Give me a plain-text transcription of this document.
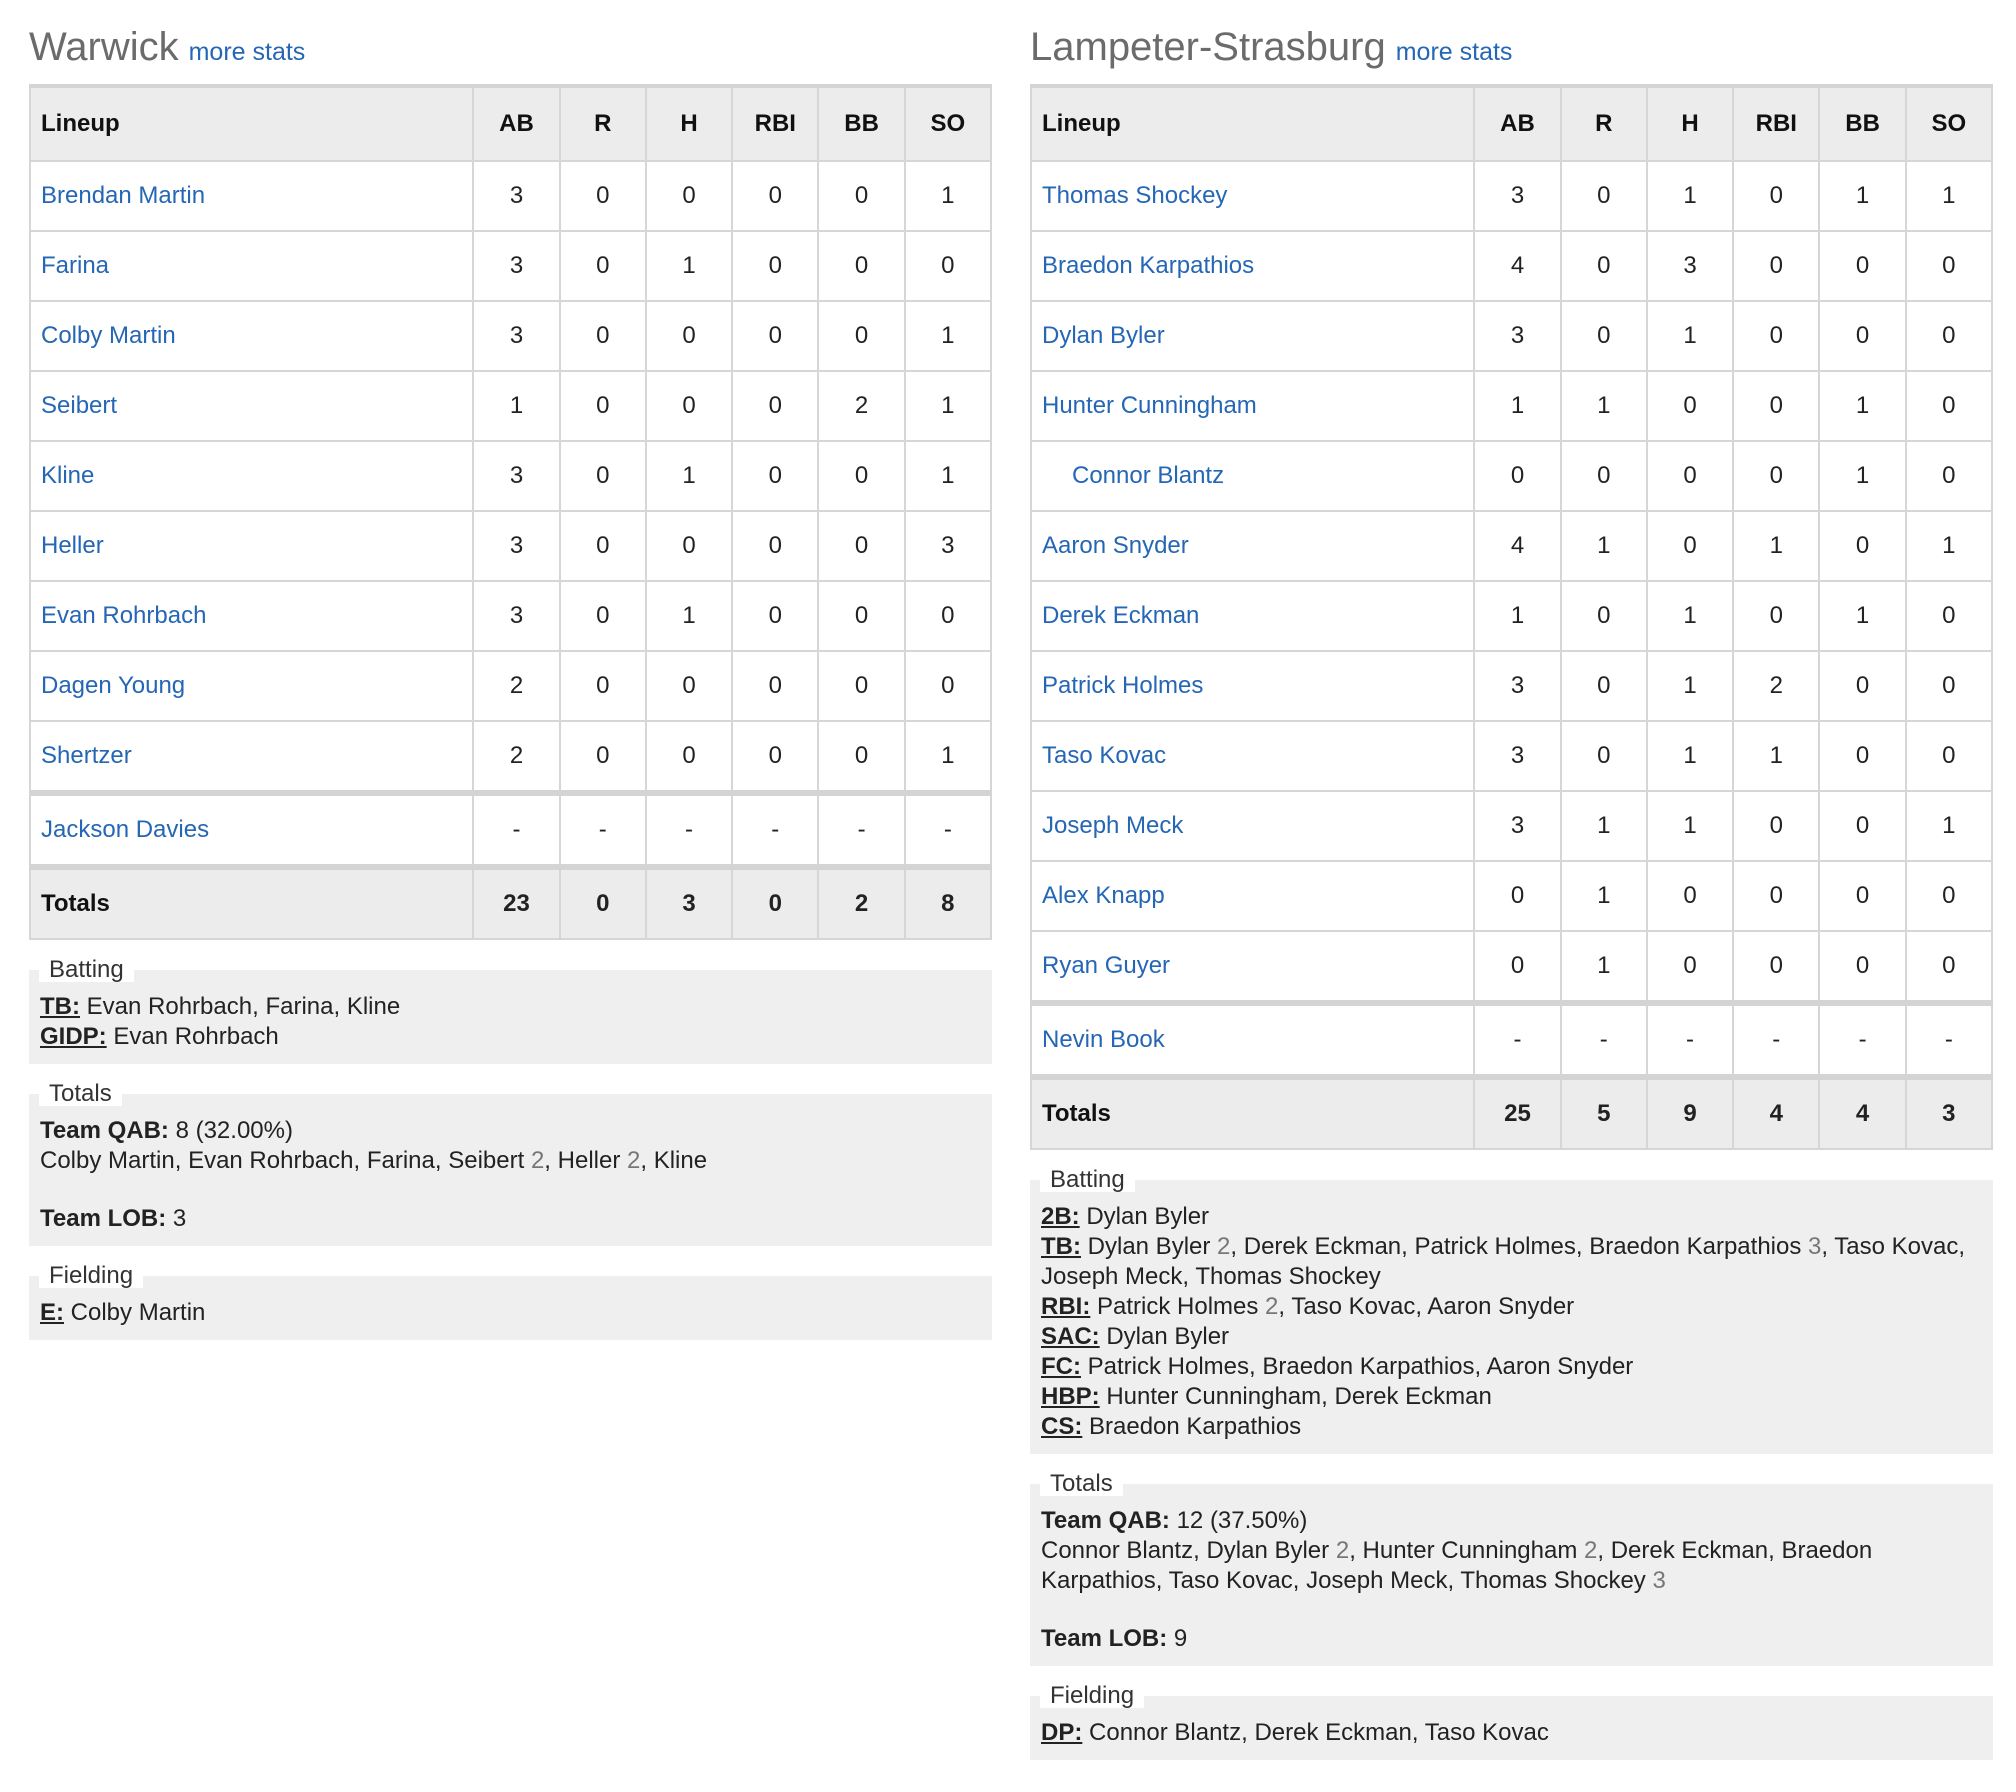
Warwick more stats
Lineup	AB	R	H	RBI	BB	SO
Brendan Martin	3	0	0	0	0	1
Farina	3	0	1	0	0	0
Colby Martin	3	0	0	0	0	1
Seibert	1	0	0	0	2	1
Kline	3	0	1	0	0	1
Heller	3	0	0	0	0	3
Evan Rohrbach	3	0	1	0	0	0
Dagen Young	2	0	0	0	0	0
Shertzer	2	0	0	0	0	1
Jackson Davies	-	-	-	-	-	-
Totals	23	0	3	0	2	8
Batting
TB: Evan Rohrbach, Farina, Kline
GIDP: Evan Rohrbach
Totals
Team QAB: 8 (32.00%)
Colby Martin, Evan Rohrbach, Farina, Seibert 2, Heller 2, Kline
Team LOB: 3
Fielding
E: Colby Martin
Lampeter-Strasburg more stats
Lineup	AB	R	H	RBI	BB	SO
Thomas Shockey	3	0	1	0	1	1
Braedon Karpathios	4	0	3	0	0	0
Dylan Byler	3	0	1	0	0	0
Hunter Cunningham	1	1	0	0	1	0
Connor Blantz	0	0	0	0	1	0
Aaron Snyder	4	1	0	1	0	1
Derek Eckman	1	0	1	0	1	0
Patrick Holmes	3	0	1	2	0	0
Taso Kovac	3	0	1	1	0	0
Joseph Meck	3	1	1	0	0	1
Alex Knapp	0	1	0	0	0	0
Ryan Guyer	0	1	0	0	0	0
Nevin Book	-	-	-	-	-	-
Totals	25	5	9	4	4	3
Batting
2B: Dylan Byler
TB: Dylan Byler 2, Derek Eckman, Patrick Holmes, Braedon Karpathios 3, Taso Kovac, Joseph Meck, Thomas Shockey
RBI: Patrick Holmes 2, Taso Kovac, Aaron Snyder
SAC: Dylan Byler
FC: Patrick Holmes, Braedon Karpathios, Aaron Snyder
HBP: Hunter Cunningham, Derek Eckman
CS: Braedon Karpathios
Totals
Team QAB: 12 (37.50%)
Connor Blantz, Dylan Byler 2, Hunter Cunningham 2, Derek Eckman, Braedon Karpathios, Taso Kovac, Joseph Meck, Thomas Shockey 3
Team LOB: 9
Fielding
DP: Connor Blantz, Derek Eckman, Taso Kovac
